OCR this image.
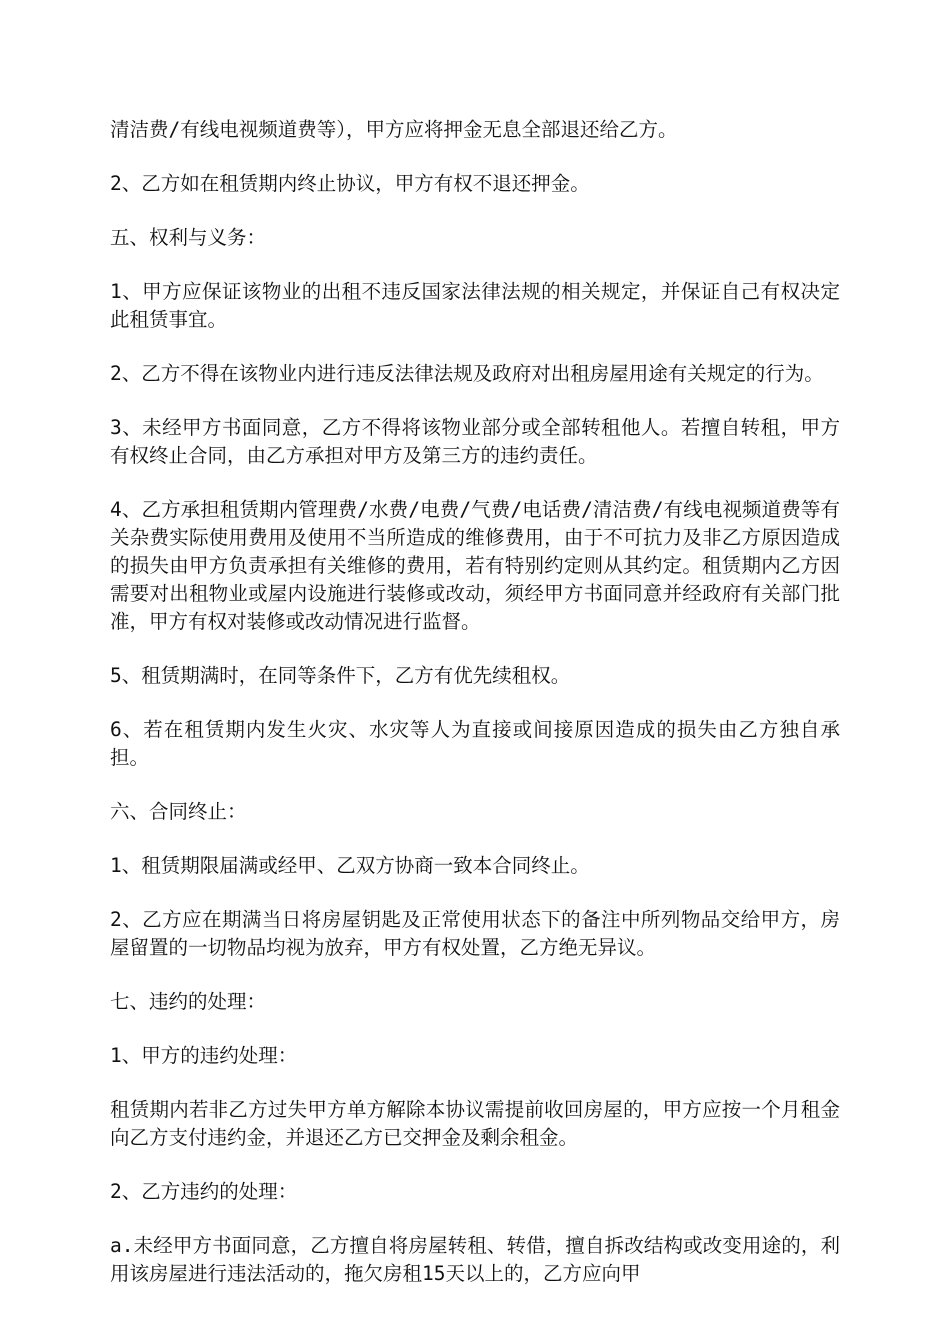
清洁费/有线电视频道费等），甲方应将押金无息全部退还给乙方。

2、乙方如在租赁期内终止协议，甲方有权不退还押金。

五、权利与义务：

1、甲方应保证该物业的出租不违反国家法律法规的相关规定，并保证自己有权决定此租赁事宜。

2、乙方不得在该物业内进行违反法律法规及政府对出租房屋用途有关规定的行为。

3、未经甲方书面同意，乙方不得将该物业部分或全部转租他人。若擅自转租，甲方有权终止合同，由乙方承担对甲方及第三方的违约责任。

4、乙方承担租赁期内管理费/水费/电费/气费/电话费/清洁费/有线电视频道费等有关杂费实际使用费用及使用不当所造成的维修费用，由于不可抗力及非乙方原因造成的损失由甲方负责承担有关维修的费用，若有特别约定则从其约定。租赁期内乙方因需要对出租物业或屋内设施进行装修或改动，须经甲方书面同意并经政府有关部门批准，甲方有权对装修或改动情况进行监督。

5、租赁期满时，在同等条件下，乙方有优先续租权。

6、若在租赁期内发生火灾、水灾等人为直接或间接原因造成的损失由乙方独自承担。

六、合同终止：

1、租赁期限届满或经甲、乙双方协商一致本合同终止。

2、乙方应在期满当日将房屋钥匙及正常使用状态下的备注中所列物品交给甲方，房屋留置的一切物品均视为放弃，甲方有权处置，乙方绝无异议。

七、违约的处理：

1、甲方的违约处理：

租赁期内若非乙方过失甲方单方解除本协议需提前收回房屋的，甲方应按一个月租金向乙方支付违约金，并退还乙方已交押金及剩余租金。

2、乙方违约的处理：

a.未经甲方书面同意，乙方擅自将房屋转租、转借，擅自拆改结构或改变用途的，利用该房屋进行违法活动的，拖欠房租15天以上的，乙方应向甲
